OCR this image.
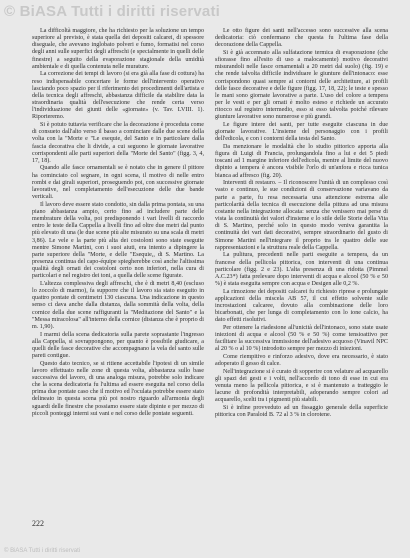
© BiASA Tutti i diritti riservati

La difficoltà maggiore, che ha richiesto per la soluzione un tempo superiore al previsto, è stata quella dei depositi calcarei, di spessore diseguale, che avevano inglobato polveri e fumo, formatisi nel corso degli anni sulle superfici degli affreschi (e specialmente in quelli delle finestre) a seguito della evaporazione stagionale della umidità ambientale e di quella contenuta nelle murature.

La correzione dei tempi di lavoro (si era già alla fase di cottura) ha reso indispensabile concertare le forme dell'intervento operativo lasciando poco spazio per il riferimento dei procedimenti dell'artista e della tecnica degli affreschi, abbastanza difficile da stabilire data la straordinaria qualità dell'esecuzione che rende certa verso l'individuazione dei giunti delle «giornate» (v. Tav. LVIII. 1). Riporteremo.

Si è potuto tuttavia verificare che la decorazione è proceduta come di consueto dall'alto verso il basso a cominciare dalle due scene della volta con la "Morte e "Le esequie, del Santo e in particolare dalla fascia decorativa che li divide, a cui seguono le giornate lavorative corrispondenti alle parti superiori della "Morte del Santo" (figg. 3, 4, 17, 18).

Quando alle fasce ornamentali se è notato che in genere il pittore ha cominciato col segnare, in ogni scena, il motivo di nelle entro rombi e dai girali superiori, proseguendo poi, con successive giornate lavorative, nel completamento dell'esecuzione delle due bande verticali.

Il lavoro deve essere stato condotto, sin dalla prima pontata, su una piano abbastanza ampio, certo fino ad includere parte delle membrature della volta, poi predisponendo i vari livelli di raccordo entro le teste della Cappella a livelli fino ad oltre due metri dal punto più elevato di una (le due scene più alte misurato su una scala di metri 3,86). Le vele e la parte più alta dei costoloni sono state eseguite mentre Simone Martini, con i suoi aiuti, era intento a dipingere la parte superiore della "Morte, e delle "Esequie,, di S. Martino. La presenza continua del capo-équipe spiegherebbe così anche l'altissima qualità degli ornati dei costoloni certo non inferiori, nella cura di particolari e nel registro dei toni, a quella delle scene figurate.

L'altezza complessiva degli affreschi, che è di metri 8,40 (escluso lo zoccolo di marmo), fa supporre che il lavoro sia stato eseguito in quattro pontate di centimetri 130 ciascuna. Una indicazione in questo senso ci dava anche dalla distanza, dalla sommità della volta, della cornice della due scene raffiguranti la "Meditazione del Santo" e la "Messa miracolosa" all'interno della cornice (distanza che è proprio di m. 1,90).

I marmi della scena dedicatoria sulla parete soprastante l'ingresso alla Cappella, si sovrappongono, per quanto è possibile giudicare, a quelli delle fasce decorative che accompagnano la vela del santo sulle pareti contigue.

Questo dato tecnico, se si ritiene accettabile l'ipotesi di un simile lavoro effettuato nelle zone di questa volta, abbastanza sullo base successiva del lavoro, di una analoga misura, potrebbe solo indicare che la scena dedicatoria fu l'ultima ad essere eseguita nel corso della prima due pontate caso che il motivo ed l'oculata potrebbe essere stato delineato in questa scena più poi nostro riguardo all'armonia degli sguardi delle finestre che possiamo essere state dipinte e per mezzo di piccoli ponteggi interni sui vani e nel corso delle pontate seguenti.

Le otto figure dei santi nell'accesso sono successive alla scena dedicatoria: ciò confermano che questa fu l'ultima fase della decorazione della Cappella.

Si è già accennato alla sulfatazione termica di evaporazione (che sfiorasse fino all'esito di uso a malocamente) motivo decorativi misurandoli nelle fasce ornamentali a 20 metri dal suolo) (fig. 19) e che rende talvolta difficile individuare le giunture dell'intonaco: esse corrispondono quasi sempre ai contorni delle architetture, ai profili delle fasce decorative e delle figure (figg. 17, 18, 22); le teste e spesso le mani sono giornate lavorative a parte. L'uso del colore a tempera per le vesti e per gli ornati è molto esteso e richiede un accurato ritocco sul registro intermedio, esso si esso talvolta poiché rilevare giunture lavorative sono numerose e più grandi.

Le figure intere dei santi, per tutte eseguite ciascuna in due giornate lavorative. L'insieme del personaggio con i profili dell'edicola, e con i contorni della testa del Santo.

Da menzionare le modalità che lo studio pittorico apporta alla figura di Luigi di Francia, prolungandola fino a lui e dei 5 piedi toscani ad 1 margine inferiore dell'edicola, mentre al limite del nuovo dipinto a tempera è ancora visibile l'orlo di un'anfora e ricca tunica bianca ad affresco (fig. 20).

Interventi di restauro. – Il riconoscere l'unità di un complesso così vasto e continuo, le sue condizioni di conservazione variavano da parte a parte, fu resa necessaria una attenzione estrema alle particolarità della tecnica di esecuzione della pittura ad una misura costante nella integrazione allocata: senza che venissero mai perse di vista la continuità dei valori d'insieme e lo stile delle Storie della Vita di S. Martino, perché solo in questo modo veniva garantita la continuità dei vari dati decorativi, sempre straordinario del gusto di Simone Martini nell'integrare il proprio tra le quattro delle sue rappresentazioni e la struttura reale della Cappella.

La pulitura, precedenti nelle parti eseguite a tempera, da un francese della pellicola pittorica, con interventi di una continua particolare (figg. 2 e 23). L'alta presenza di una ridotta (Pimmel A.C.23*) fatta prelevare dopo interventi di acqua e alcool (50 % e 50 %) è stata eseguita sempre con acqua e Desigen alle 0,2 %.

La rimozione dei depositi calcarei fu richiesto riprese e prolungate applicazioni della miscela AB 57, il cui effetto solvente sulle incrostazioni calcaree, dovuto alla combinazione delle loro bicarbonati, che per lunga di completamento con lo ione calcio, ha dato effetti risolutivi.

Per ottenere la riadesione all'unicità dell'intonaco, sono state usate iniezioni di acqua e alcool (50 % e 50 %) come tensioattivo per facilitare la successiva immissione dell'adesivo acquoso (Vinavil NPC al 20 % o al 10 %) introdotto sempre per mezzo di iniezioni.

Come riempitivo e rinforzo adesivo, dove era necessario, è stato adoperato il gesso di calce.

Nell'integrazione si è curato di sopperire con velature ad acquarello gli spazi dei gesti e i volti, nell'accordo di tono di esse in cui era venuta meno la pellicola pittorica, e si è mantenuto a tratteggio le lacune di profondità interpretabili, adoperando sempre colori ad acquarello, scelti tra i pigmenti più stabili.

Si è infine provveduto ad un fissaggio generale della superficie pittorica con Paraloid B. 72 al 3 % in clorotene.

222
© BiASA Tutti i diritti riservati
